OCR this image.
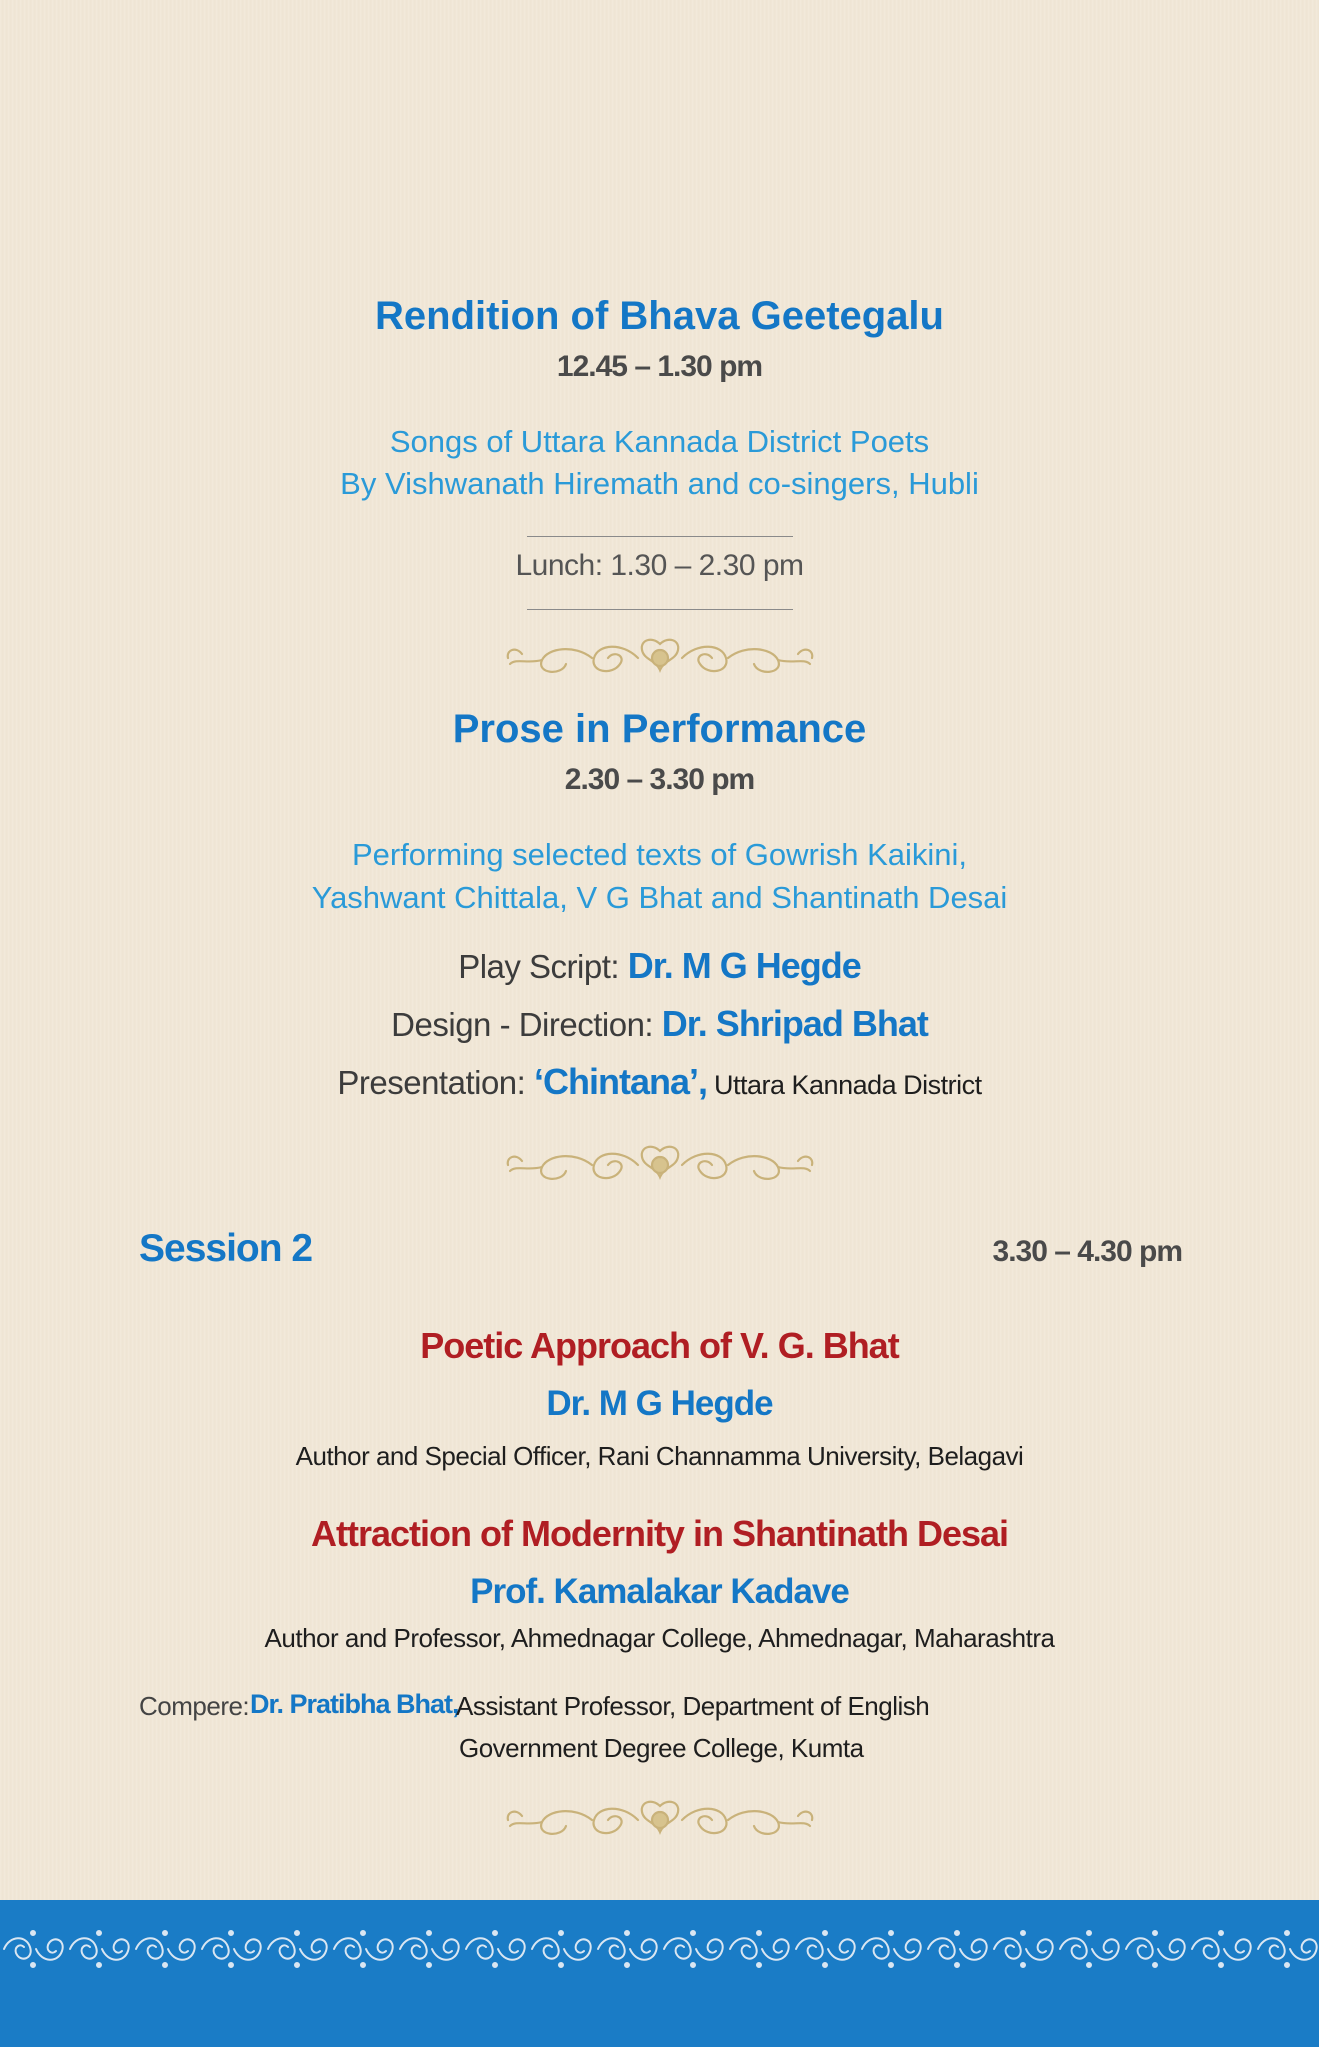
Rendition of Bhava Geetegalu
12.45 – 1.30 pm
Songs of Uttara Kannada District Poets
By Vishwanath Hiremath and co-singers, Hubli
Lunch: 1.30 – 2.30 pm
Prose in Performance
2.30 – 3.30 pm
Performing selected texts of Gowrish Kaikini,
Yashwant Chittala, V G Bhat and Shantinath Desai
Play Script: Dr. M G Hegde
Design - Direction: Dr. Shripad Bhat
Presentation: ‘Chintana’, Uttara Kannada District
Session 2	3.30 – 4.30 pm
Poetic Approach of V. G. Bhat
Dr. M G Hegde
Author and Special Officer, Rani Channamma University, Belagavi
Attraction of Modernity in Shantinath Desai
Prof. Kamalakar Kadave
Author and Professor, Ahmednagar College, Ahmednagar, Maharashtra
Compere: Dr. Pratibha Bhat,
Assistant Professor, Department of English
Government Degree College, Kumta
